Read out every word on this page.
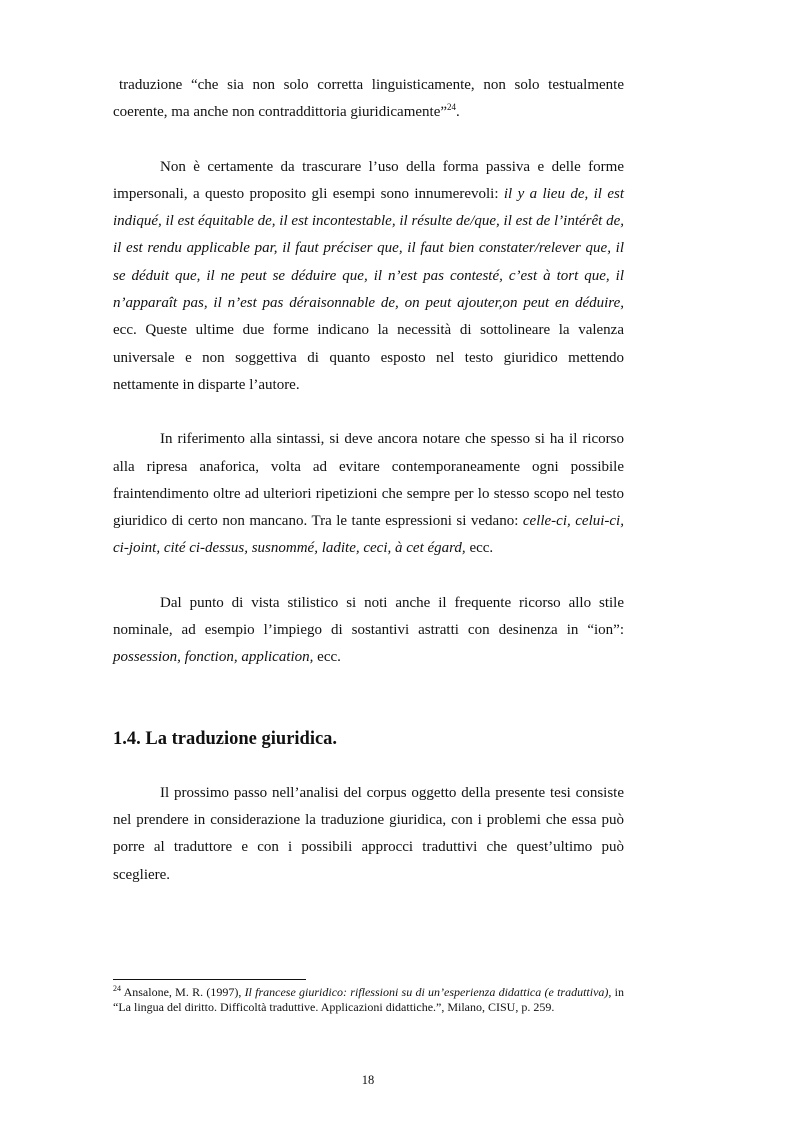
traduzione “che sia non solo corretta linguisticamente, non solo testualmente coerente, ma anche non contraddittoria giuridicamente”$^{24}$.

Non è certamente da trascurare l’uso della forma passiva e delle forme impersonali, a questo proposito gli esempi sono innumerevoli: il y a lieu de, il est indiqué, il est équitable de, il est incontestable, il résulte de/que, il est de l’intérêt de, il est rendu applicable par, il faut préciser que, il faut bien constater/relever que, il se déduit que, il ne peut se déduire que, il n’est pas contesté, c’est à tort que, il n’apparaît pas, il n’est pas déraisonnable de, on peut ajouter,on peut en déduire, ecc. Queste ultime due forme indicano la necessità di sottolineare la valenza universale e non soggettiva di quanto esposto nel testo giuridico mettendo nettamente in disparte l’autore.

In riferimento alla sintassi, si deve ancora notare che spesso si ha il ricorso alla ripresa anaforica, volta ad evitare contemporaneamente ogni possibile fraintendimento oltre ad ulteriori ripetizioni che sempre per lo stesso scopo nel testo giuridico di certo non mancano. Tra le tante espressioni si vedano: celle-ci, celui-ci, ci-joint, cité ci-dessus, susnommé, ladite, ceci, à cet égard, ecc.

Dal punto di vista stilistico si noti anche il frequente ricorso allo stile nominale, ad esempio l’impiego di sostantivi astratti con desinenza in “ion”: possession, fonction, application, ecc.

1.4. La traduzione giuridica.

Il prossimo passo nell’analisi del corpus oggetto della presente tesi consiste nel prendere in considerazione la traduzione giuridica, con i problemi che essa può porre al traduttore e con i possibili approcci traduttivi che quest’ultimo può scegliere.

$^{24}$ Ansalone, M. R. (1997), Il francese giuridico: riflessioni su di un’esperienza didattica (e traduttiva), in “La lingua del diritto. Difficoltà traduttive. Applicazioni didattiche.”, Milano, CISU, p. 259.

18
